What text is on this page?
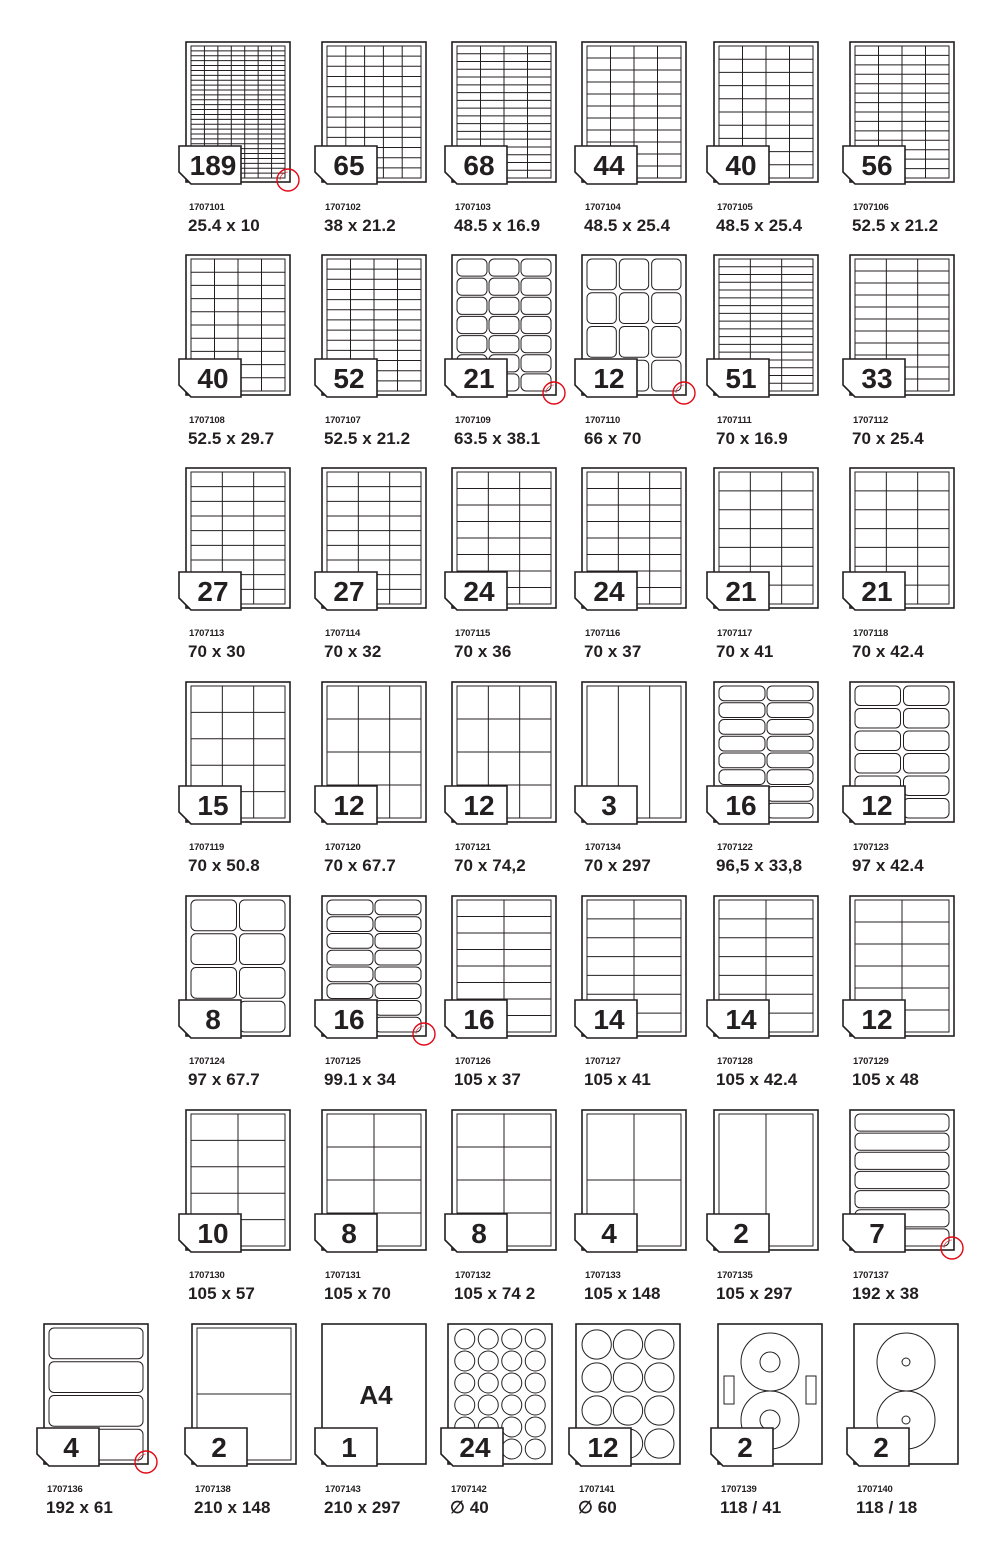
189
1707101
25.4 x 10
65
1707102
38 x 21.2
68
1707103
48.5 x 16.9
44
1707104
48.5 x 25.4
40
1707105
48.5 x 25.4
56
1707106
52.5 x 21.2
40
1707108
52.5 x 29.7
52
1707107
52.5 x 21.2
21
1707109
63.5 x 38.1
12
1707110
66 x 70
51
1707111
70 x 16.9
33
1707112
70 x 25.4
27
1707113
70 x 30
27
1707114
70 x 32
24
1707115
70 x 36
24
1707116
70 x 37
21
1707117
70 x 41
21
1707118
70 x 42.4
15
1707119
70 x 50.8
12
1707120
70 x 67.7
12
1707121
70 x 74,2
3
1707134
70 x 297
16
1707122
96,5 x 33,8
12
1707123
97 x 42.4
8
1707124
97 x 67.7
16
1707125
99.1 x 34
16
1707126
105 x 37
14
1707127
105 x 41
14
1707128
105 x 42.4
12
1707129
105 x 48
10
1707130
105 x 57
8
1707131
105 x 70
8
1707132
105 x 74 2
4
1707133
105 x 148
2
1707135
105 x 297
7
1707137
192 x 38
4
1707136
192 x 61
2
1707138
210 x 148
A4
1
1707143
210 x 297
24
1707142
∅ 40
12
1707141
∅ 60
2
1707139
118 / 41
2
1707140
118 / 18
